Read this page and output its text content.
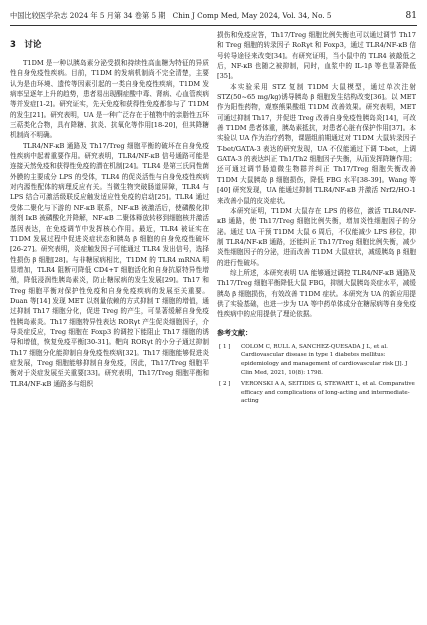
中国比较医学杂志 2024 年 5 月第 34 卷第 5 期　Chin J Comp Med, May 2024, Vol. 34, No. 5	81
3　讨论

T1DM 是一种以胰岛素分泌受损和持续性高血糖为特征的异质性自身免疫性疾病。目前，T1DM 的发病机制尚不完全清楚，主要认为是由环境、遗传等因素引起的一类自身免疫性疾病，T1DM 发病率呈逐年上升的趋势，患者易出现酮症酸中毒、肾病、心血管疾病等并发症[1-2]。研究证实，先天免疫和获得性免疫都参与了 T1DM 的发生[21]。研究表明，UA 是一种广泛存在于植物中的亲脂性五环三萜类化合物，具有降糖、抗炎、抗氧化等作用[18-20]，但其降糖机制尚不明确。

TLR4/NF-κB 通路及 Th17/Treg 细胞平衡的破坏在自身免疫性疾病中起着重要作用。研究表明，TLR4/NF-κB 信号通路可能是连接天然免疫和获得性免疫的潜在机制[24]。TLR4 是第三氏同性菌外膜的主要成分 LPS 的受体，TLR4 的促炎活性与自身免疫性疾病对内源性配体的病理反应有关。当微生物突破肠道屏障，TLR4 与 LPS 结合可激活级联反应触发适应性免疫的启动[25]。TLR4 通过受体二聚化与下游的 NF-κB 联系，NF-κB 被激活后，使磷酸化抑制剂 IκB 被磷酸化并降解，NF-κB 二聚体释放转移到细胞核并激活基因表达，在免疫调节中发挥核心作用。最近，TLR4 被证实在 T1DM 发展过程中促进炎症状态和胰岛 β 细胞的自身免疫性破坏[26-27]。研究表明，炎症触发因子可能通过 TLR4 发出信号，选择性损伤 β 细胞[28]。与非糖尿病相比，T1DM 的 TLR4 mRNA 明显增加，TLR4 阻断可降低 CD4+T 细胞活化和自身抗原特异性增殖，降低浸润性胰岛素炎，防止糖尿病的发生发展[29]。Th17 和 Treg 细胞平衡对保护性免疫和自身免疫疾病的发展至关重要。Duan 等[14] 发现 MET 以剂量依赖的方式抑制 T 细胞的增值，通过抑制 Th17 细胞分化，促进 Treg 的产生，可显著缓解自身免疫性胰岛素炎。Th17 细胞特异性表达 RORγt 产生促炎细胞因子，介导炎症反应，Treg 细胞在 Foxp3 的调控下能阻止 Th17 细胞的诱导和增值，恢复免疫平衡[30-31]。靶向 RORγt 的小分子通过抑制 Th17 细胞分化能抑制自身免疫性疾病[32]。Th17 细胞能够促进炎症发展，Treg 细胞能够抑制自身免疫，因此，Th17/Treg 细胞平衡对于炎症发展至关重要[33]。研究表明，Th17/Treg 细胞平衡和 TLR4/NF-κB 通路多与组织

损伤和免疫应答，Th17/Treg 细胞比例失衡也可以通过调节 Th17 和 Treg 细胞的转录因子 RoRγt 和 Foxp3，通过 TLR4/NF-κB 信号转导途径来改变[34]。有研究证明，当小鼠中的 TLR4 被敲低之后，NF-κB 也随之被抑制，同时，血浆中的 IL-1β 等也显著降低[35]。

本实验采用 STZ 复制 T1DM 大鼠模型，通过单次注射 STZ(50~65 mg/kg)诱导胰岛 β 细胞发生结构改变[36]。以 MET 作为阳性药物，观察熊果酸组 T1DM 改善效果。研究表明，MET 可通过抑制 Th17，并促进 Treg 改善自身免疫性胰岛炎[14]，可改善 T1DM 患者体重，胰岛素抵抗，对患者心脏有保护作用[37]。本实验以 UA 作为治疗药物，课题组前期通过对 T1DM 大鼠转录因子 T-bet/GATA-3 表达的研究发现，UA 不仅能通过下调 T-bet，上调 GATA-3 的表达纠正 Th1/Th2 细胞因子失衡，从而发挥降糖作用；还可通过调节肠道微生物群并纠正 Th17/Treg 细胞失衡改善 T1DM 大鼠胰岛 β 细胞损伤，降低 FBG 水平[38-39]。Wang 等[40] 研究发现，UA 能通过抑制 TLR4/NF-κB 并激活 Nrf2/HO-1 来改善小鼠的皮炎症状。

本研究证明，T1DM 大鼠存在 LPS 的移位，激活 TLR4/NF-κB 通路，使 Th17/Treg 细胞比例失衡，增加炎性细胞因子的分泌。通过 UA 干预 T1DM 大鼠 6 周后，不仅能减少 LPS 移位，抑制 TLR4/NF-κB 通路，还能纠正 Th17/Treg 细胞比例失衡，减少炎性细胞因子的分泌，进而改善 T1DM 大鼠症状，减缓胰岛 β 细胞的进行性破坏。

综上所述，本研究表明 UA 能够通过调控 TLR4/NF-κB 通路及 Th17/Treg 细胞平衡降低大鼠 FBG，抑制大鼠胰岛炎症水平，减缓胰岛 β 细胞损伤，有效改善 T1DM 症状。本研究为 UA 的新应用提供了实验基础，也进一步为 UA 等中药单体成分在糖尿病等自身免疫性疾病中的应用提供了理论依据。

参考文献：
[ 1 ] COLOM C, RULL A, SANCHEZ-QUESADA J L, et al. Cardiovascular disease in type 1 diabetes mellitus: epidemiology and management of cardiovascular risk [J]. J Clin Med, 2021, 10(8): 1798.
[ 2 ] VERONSKI A A, SEITIDIS G, STEWART L, et al. Comparative efficacy and complications of long-acting and intermediate-acting
